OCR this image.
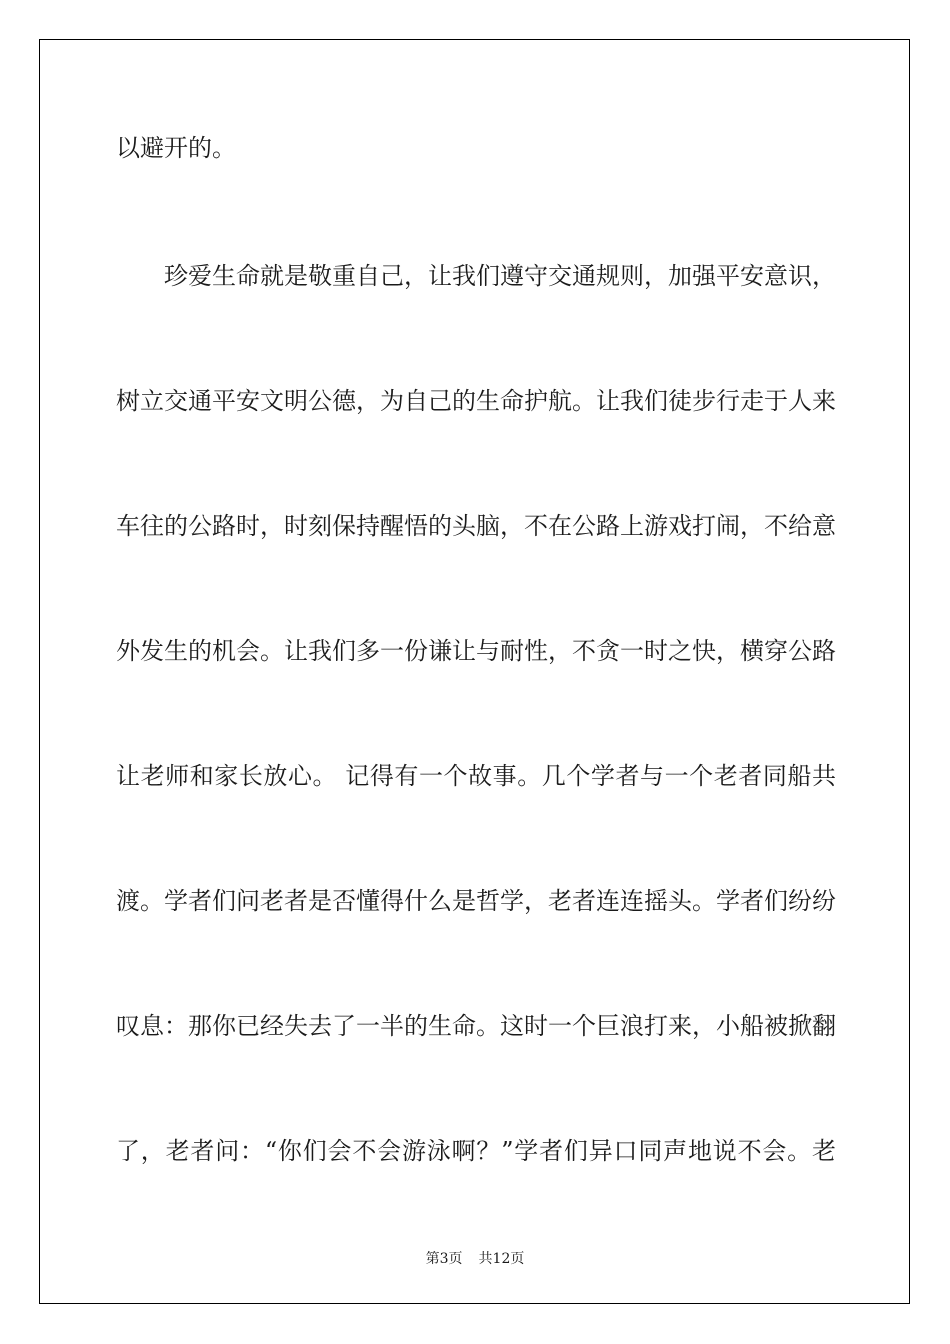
以避开的。
珍爱生命就是敬重自己，让我们遵守交通规则，加强平安意识，
树立交通平安文明公德，为自己的生命护航。让我们徒步行走于人来
车往的公路时，时刻保持醒悟的头脑，不在公路上游戏打闹，不给意
外发生的机会。让我们多一份谦让与耐性，不贪一时之快，横穿公路
让老师和家长放心。 记得有一个故事。几个学者与一个老者同船共
渡。学者们问老者是否懂得什么是哲学，老者连连摇头。学者们纷纷
叹息：那你已经失去了一半的生命。这时一个巨浪打来，小船被掀翻
了，老者问：“你们会不会游泳啊？”学者们异口同声地说不会。老
第3页 共12页
